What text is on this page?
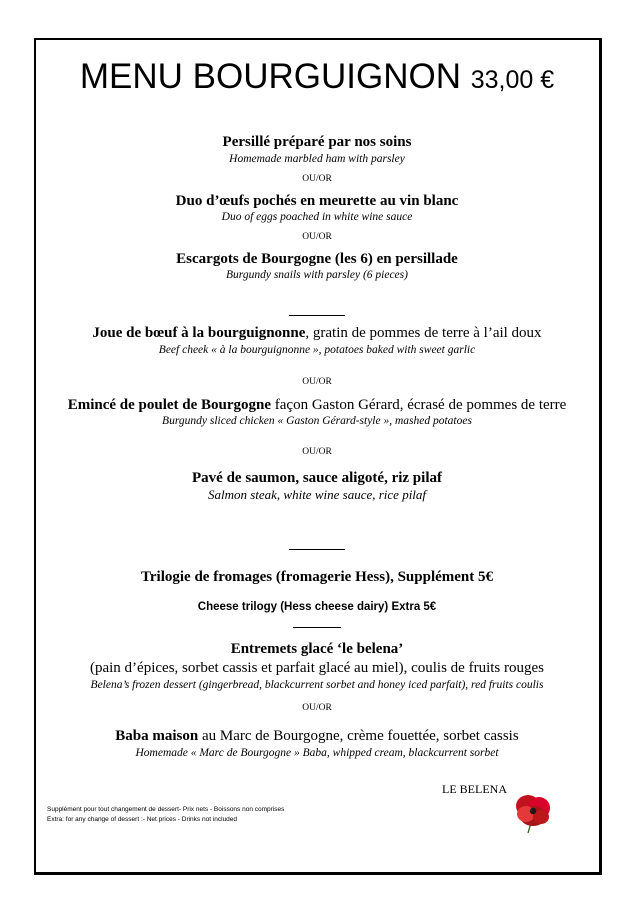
MENU BOURGUIGNON 33,00 €
Persillé préparé par nos soins
Homemade marbled ham with parsley
OU/OR
Duo d’œufs pochés en meurette au vin blanc
Duo of eggs poached in white wine sauce
OU/OR
Escargots de Bourgogne (les 6) en persillade
Burgundy snails with parsley (6 pieces)
Joue de bœuf à la bourguignonne, gratin de pommes de terre à l’ail doux
Beef cheek « à la bourguignonne », potatoes baked with sweet garlic
OU/OR
Emincé de poulet de Bourgogne façon Gaston Gérard, écrasé de pommes de terre
Burgundy sliced chicken « Gaston Gérard-style », mashed potatoes
OU/OR
Pavé de saumon, sauce aligoté, riz pilaf
Salmon steak, white wine sauce, rice pilaf
Trilogie de fromages (fromagerie Hess), Supplément 5€
Cheese trilogy (Hess cheese dairy) Extra 5€
Entremets glacé ‘le belena’
(pain d’épices, sorbet cassis et parfait glacé au miel), coulis de fruits rouges
Belena’s frozen dessert (gingerbread, blackcurrent sorbet and honey iced parfait), red fruits coulis
OU/OR
Baba maison au Marc de Bourgogne, crème fouettée, sorbet cassis
Homemade « Marc de Bourgogne » Baba, whipped cream, blackcurrent sorbet
Supplément pour tout changement de dessert- Prix nets - Boissons non comprises
Extra: for any change of dessert :- Net prices - Drinks not included
LE BELENA
